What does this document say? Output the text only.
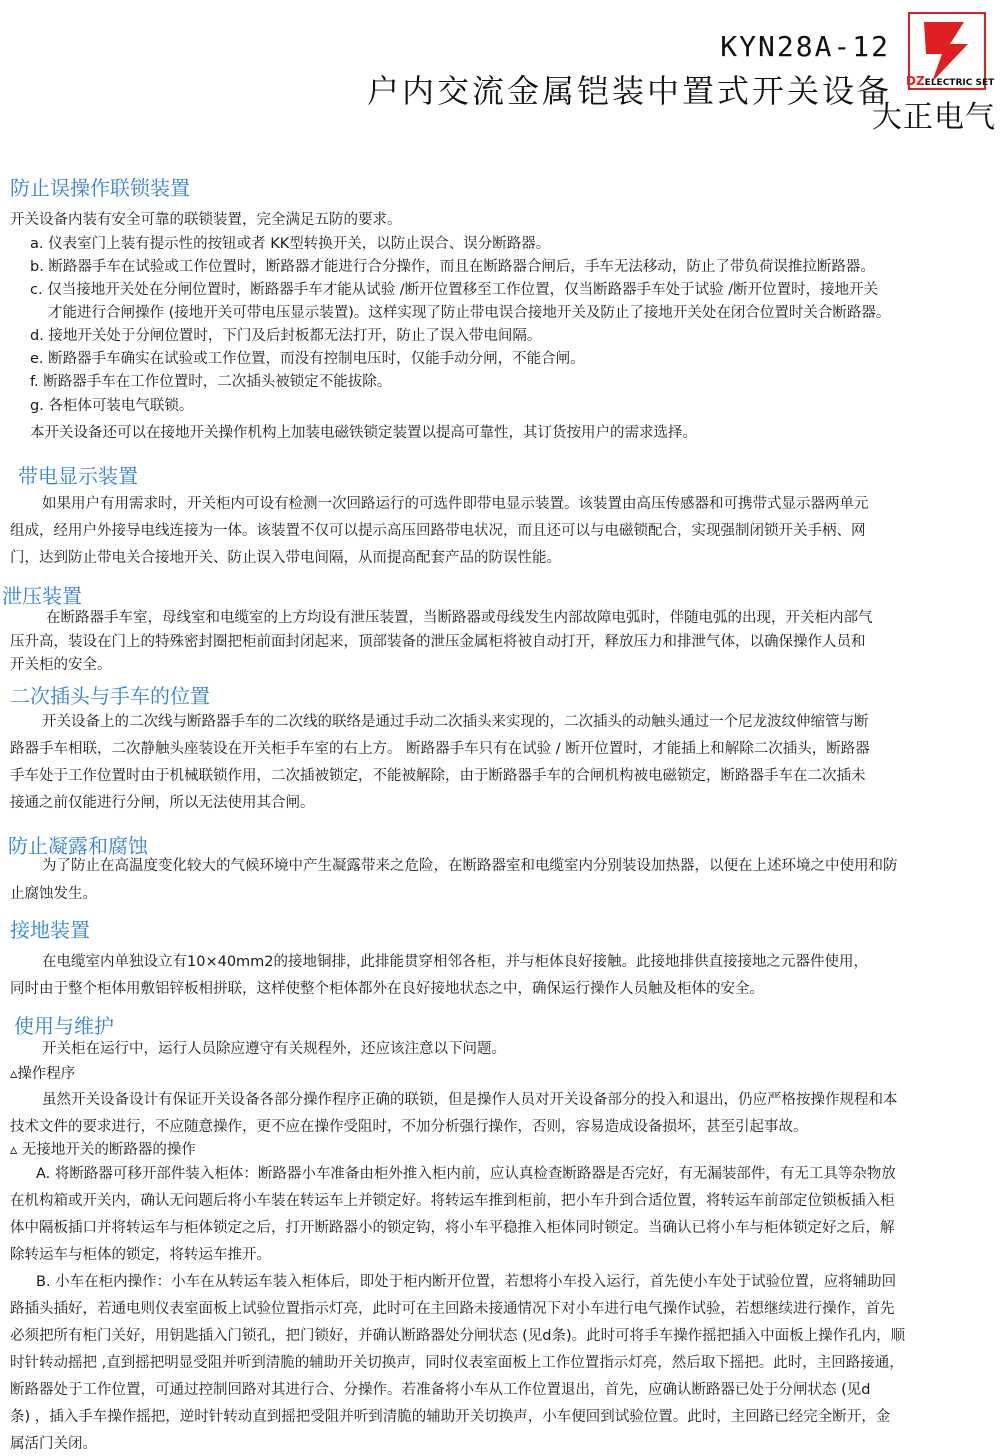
KYN28A-12
户内交流金属铠装中置式开关设备 DZELECTRIC SET
大正电气
防止误操作联锁装置
开关设备内装有安全可靠的联锁装置，完全满足五防的要求。
a. 仪表室门上装有提示性的按钮或者 KK型转换开关，以防止误合、误分断路器。
b. 断路器手车在试验或工作位置时，断路器才能进行合分操作，而且在断路器合闸后，手车无法移动，防止了带负荷误推拉断路器。
c. 仅当接地开关处在分闸位置时，断路器手车才能从试验 /断开位置移至工作位置，仅当断路器手车处于试验 /断开位置时，接地开关
才能进行合闸操作 (接地开关可带电压显示装置)。这样实现了防止带电误合接地开关及防止了接地开关处在闭合位置时关合断路器。
d. 接地开关处于分闸位置时，下门及后封板都无法打开，防止了误入带电间隔。
e. 断路器手车确实在试验或工作位置，而没有控制电压时，仅能手动分闸，不能合闸。
f. 断路器手车在工作位置时，二次插头被锁定不能拔除。
g. 各柜体可装电气联锁。
本开关设备还可以在接地开关操作机构上加装电磁铁锁定装置以提高可靠性，其订货按用户的需求选择。
带电显示装置
如果用户有用需求时，开关柜内可设有检测一次回路运行的可选件即带电显示装置。该装置由高压传感器和可携带式显示器两单元
组成，经用户外接导电线连接为一体。该装置不仅可以提示高压回路带电状况，而且还可以与电磁锁配合，实现强制闭锁开关手柄、网
门，达到防止带电关合接地开关、防止误入带电间隔，从而提高配套产品的防误性能。
泄压装置
在断路器手车室，母线室和电缆室的上方均设有泄压装置，当断路器或母线发生内部故障电弧时，伴随电弧的出现，开关柜内部气
压升高，装设在门上的特殊密封圈把柜前面封闭起来，顶部装备的泄压金属柜将被自动打开，释放压力和排泄气体，以确保操作人员和
开关柜的安全。
二次插头与手车的位置
开关设备上的二次线与断路器手车的二次线的联络是通过手动二次插头来实现的，二次插头的动触头通过一个尼龙波纹伸缩管与断
路器手车相联，二次静触头座装设在开关柜手车室的右上方。 断路器手车只有在试验 / 断开位置时，才能插上和解除二次插头，断路器
手车处于工作位置时由于机械联锁作用，二次插被锁定，不能被解除，由于断路器手车的合闸机构被电磁锁定，断路器手车在二次插未
接通之前仅能进行分闸，所以无法使用其合闸。
防止凝露和腐蚀
为了防止在高温度变化较大的气候环境中产生凝露带来之危险，在断路器室和电缆室内分别装设加热器，以便在上述环境之中使用和防
止腐蚀发生。
接地装置
在电缆室内单独设立有10×40mm2的接地铜排，此排能贯穿相邻各柜，并与柜体良好接触。此接地排供直接接地之元器件使用，
同时由于整个柜体用敷铝锌板相拼联，这样使整个柜体都外在良好接地状态之中，确保运行操作人员触及柜体的安全。
使用与维护
开关柜在运行中，运行人员除应遵守有关规程外，还应该注意以下问题。
▵操作程序
虽然开关设备设计有保证开关设备各部分操作程序正确的联锁，但是操作人员对开关设备部分的投入和退出，仍应严格按操作规程和本
技术文件的要求进行，不应随意操作，更不应在操作受阻时，不加分析强行操作，否则，容易造成设备损坏，甚至引起事故。
▵ 无接地开关的断路器的操作
A. 将断路器可移开部件装入柜体：断路器小车准备由柜外推入柜内前，应认真检查断路器是否完好，有无漏装部件，有无工具等杂物放
在机构箱或开关内，确认无问题后将小车装在转运车上并锁定好。将转运车推到柜前，把小车升到合适位置，将转运车前部定位锁板插入柜
体中隔板插口并将转运车与柜体锁定之后，打开断路器小的锁定钩，将小车平稳推入柜体同时锁定。当确认已将小车与柜体锁定好之后，解
除转运车与柜体的锁定，将转运车推开。
B. 小车在柜内操作：小车在从转运车装入柜体后，即处于柜内断开位置，若想将小车投入运行，首先使小车处于试验位置，应将辅助回
路插头插好，若通电则仪表室面板上试验位置指示灯亮，此时可在主回路未接通情况下对小车进行电气操作试验，若想继续进行操作，首先
必须把所有柜门关好，用钥匙插入门锁孔，把门锁好，并确认断路器处分闸状态 (见d条)。此时可将手车操作摇把插入中面板上操作孔内，顺
时针转动摇把 ,直到摇把明显受阻并听到清脆的辅助开关切换声，同时仪表室面板上工作位置指示灯亮，然后取下摇把。此时，主回路接通，
断路器处于工作位置，可通过控制回路对其进行合、分操作。若准备将小车从工作位置退出，首先，应确认断路器已处于分闸状态 (见d
条) ，插入手车操作摇把，逆时针转动直到摇把受阻并听到清脆的辅助开关切换声，小车便回到试验位置。此时，主回路已经完全断开，金
属活门关闭。
